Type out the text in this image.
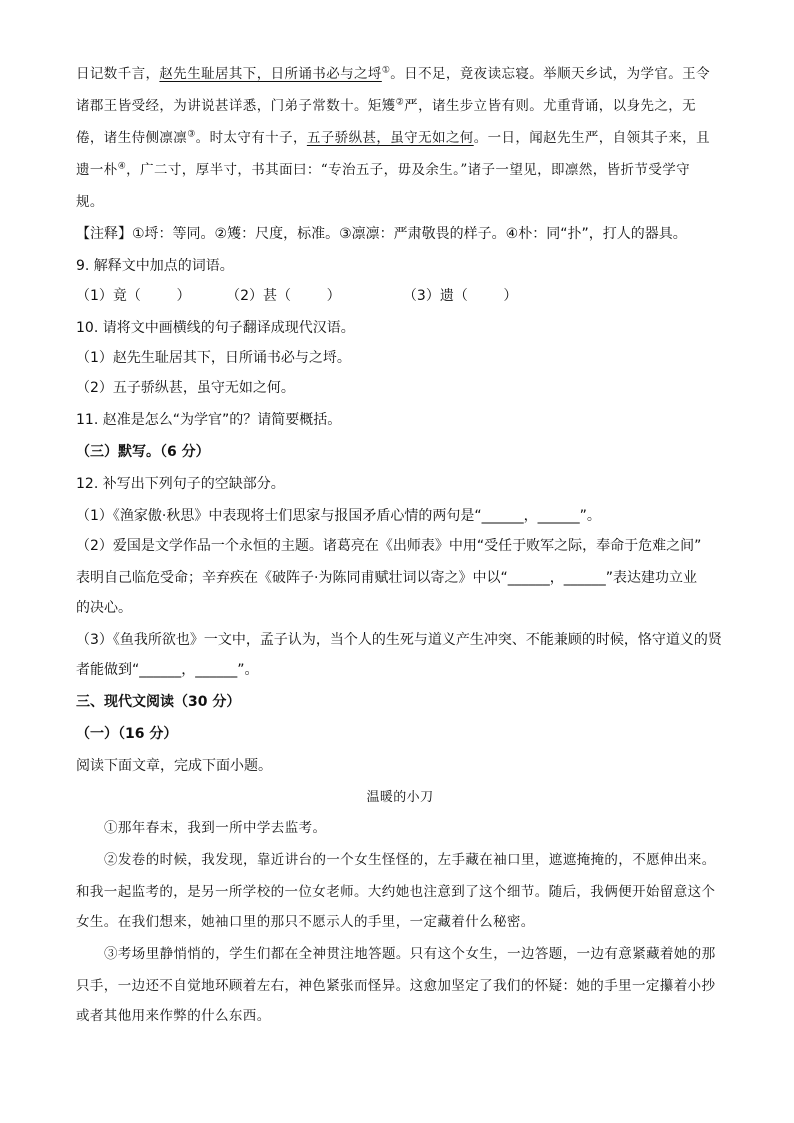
日记数千言，赵先生耻居其下，日所诵书必与之埒①。日不足，竟夜读忘寝。举顺天乡试，为学官。王令
诸郡王皆受经，为讲说甚详悉，门弟子常数十。矩矱②严，诸生步立皆有则。尤重背诵，以身先之，无
倦，诸生侍侧凛凛③。时太守有十子，五子骄纵甚，虽守无如之何。一日，闻赵先生严，自领其子来，且
遗一朴④，广二寸，厚半寸，书其面曰：“专治五子，毋及余生。”诸子一望见，即凛然，皆折节受学守
规。
【注释】①埒：等同。②矱：尺度，标准。③凛凛：严肃敬畏的样子。④朴：同“扑”，打人的器具。
9. 解释文中加点的词语。
（1）竟（        ）        （2）甚（        ）              （3）遗（        ）
10. 请将文中画横线的句子翻译成现代汉语。
（1）赵先生耻居其下，日所诵书必与之埒。
（2）五子骄纵甚，虽守无如之何。
11. 赵准是怎么“为学官”的？请简要概括。
（三）默写。（6 分）
12. 补写出下列句子的空缺部分。
（1）《渔家傲·秋思》中表现将士们思家与报国矛盾心情的两句是“______，______”。
（2）爱国是文学作品一个永恒的主题。诸葛亮在《出师表》中用“受任于败军之际，奉命于危难之间”
表明自己临危受命；辛弃疾在《破阵子·为陈同甫赋壮词以寄之》中以“______，______”表达建功立业
的决心。
（3）《鱼我所欲也》一文中，孟子认为，当个人的生死与道义产生冲突、不能兼顾的时候，恪守道义的贤
者能做到“______，______”。
三、现代文阅读（30 分）
（一）（16 分）
阅读下面文章，完成下面小题。
温暖的小刀
①那年春末，我到一所中学去监考。
②发卷的时候，我发现，靠近讲台的一个女生怪怪的，左手藏在袖口里，遮遮掩掩的，不愿伸出来。
和我一起监考的，是另一所学校的一位女老师。大约她也注意到了这个细节。随后，我俩便开始留意这个
女生。在我们想来，她袖口里的那只不愿示人的手里，一定藏着什么秘密。
③考场里静悄悄的，学生们都在全神贯注地答题。只有这个女生，一边答题，一边有意紧藏着她的那
只手，一边还不自觉地环顾着左右，神色紧张而怪异。这愈加坚定了我们的怀疑：她的手里一定攥着小抄
或者其他用来作弊的什么东西。
